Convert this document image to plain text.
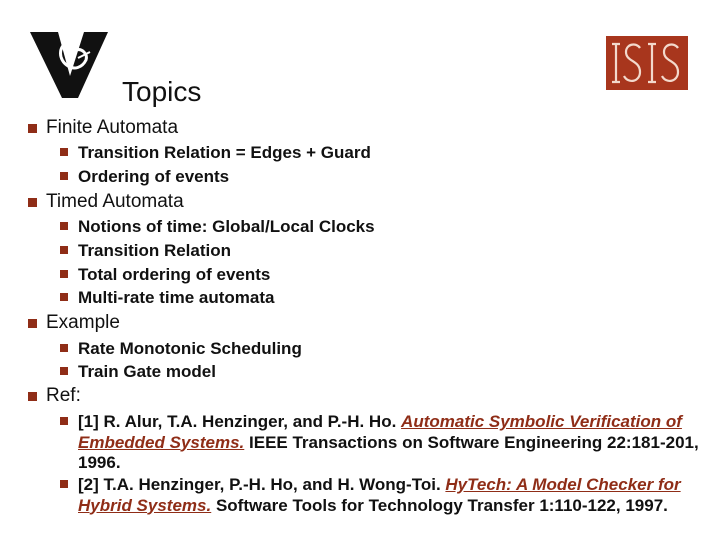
Topics
Finite Automata
Transition Relation = Edges + Guard
Ordering of events
Timed Automata
Notions of time: Global/Local Clocks
Transition Relation
Total ordering of events
Multi-rate time automata
Example
Rate Monotonic Scheduling
Train Gate model
Ref:
[1] R. Alur, T.A. Henzinger, and P.-H. Ho. Automatic Symbolic Verification of Embedded Systems. IEEE Transactions on Software Engineering 22:181-201, 1996.
[2] T.A. Henzinger, P.-H. Ho, and H. Wong-Toi. HyTech: A Model Checker for Hybrid Systems. Software Tools for Technology Transfer 1:110-122, 1997.
